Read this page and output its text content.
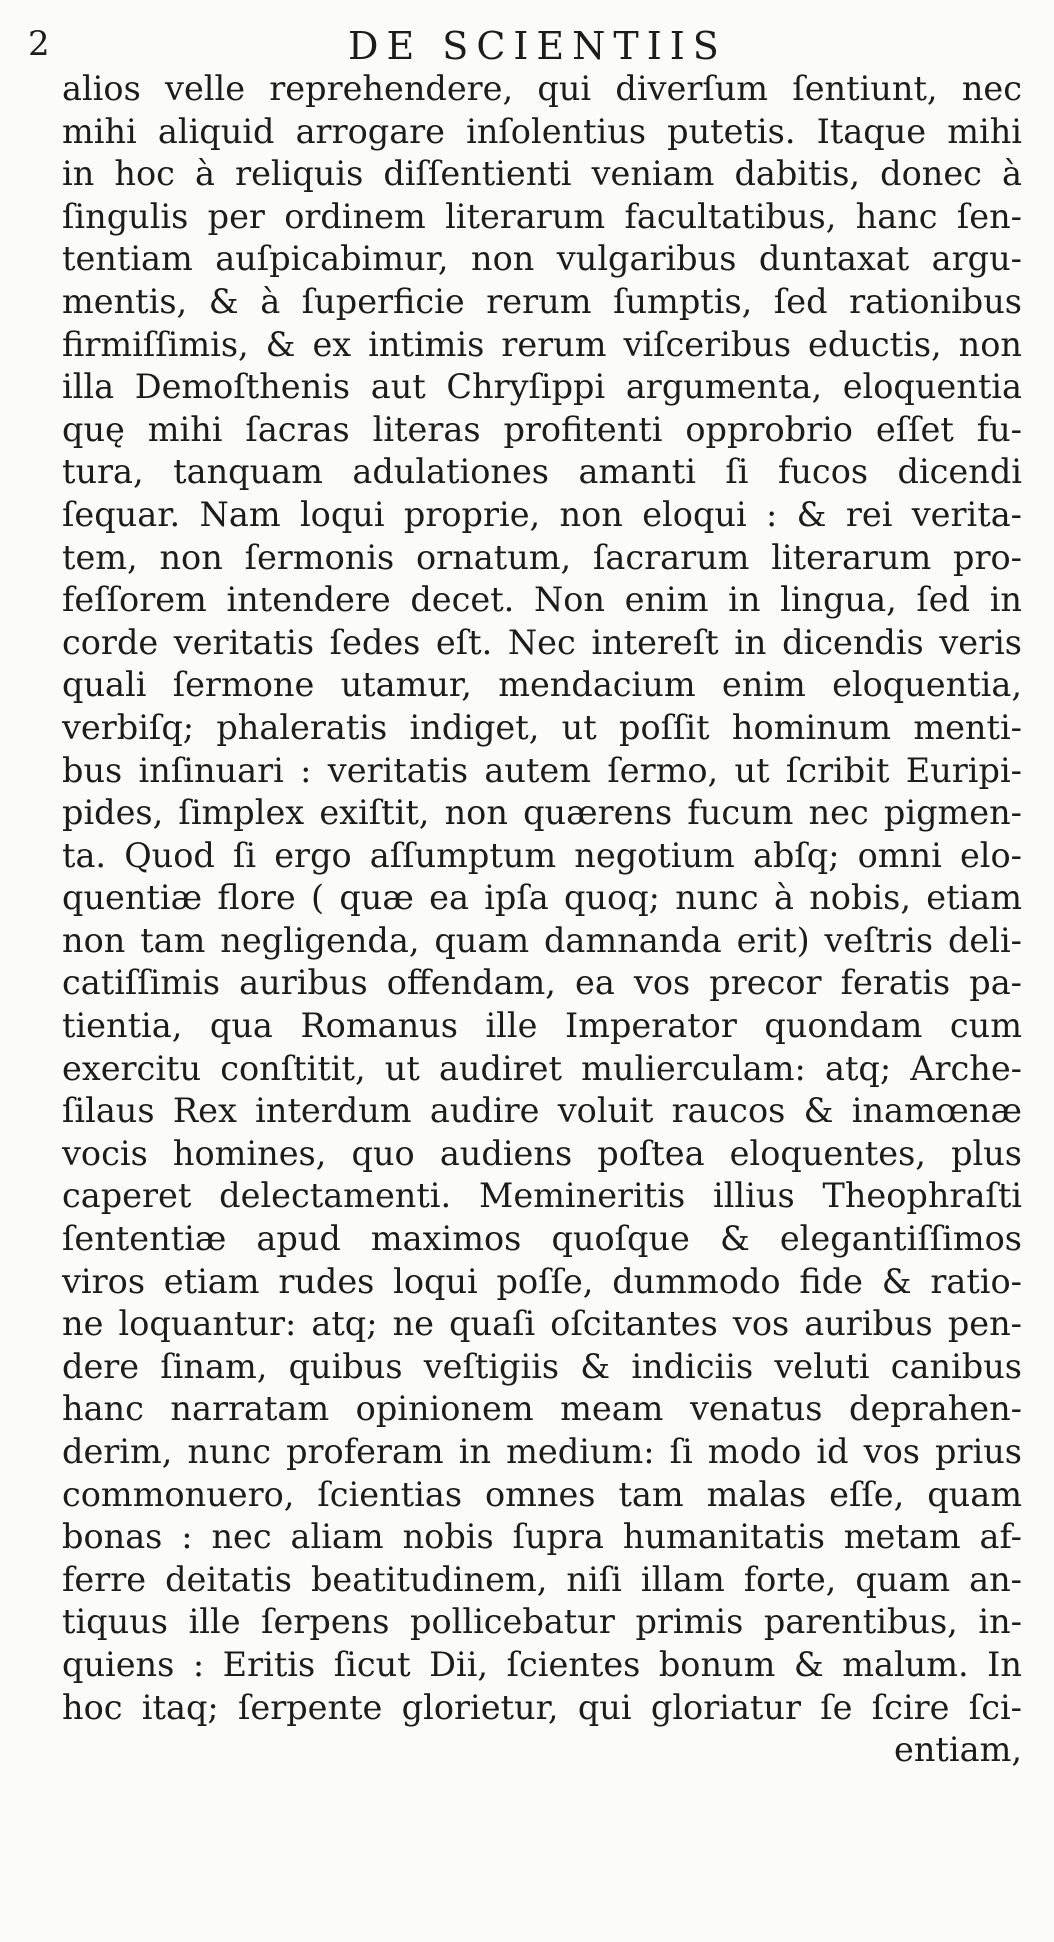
2	DE SCIENTIIS
alios velle reprehendere, qui diverſum ſentiunt, nec
mihi aliquid arrogare inſolentius putetis. Itaque mihi
in hoc à reliquis diſſentienti veniam dabitis, donec à
ſingulis per ordinem literarum facultatibus, hanc ſen-
tentiam auſpicabimur, non vulgaribus duntaxat argu-
mentis, & à ſuperficie rerum ſumptis, ſed rationibus
firmiſſimis, & ex intimis rerum viſceribus eductis, non
illa Demoſthenis aut Chryſippi argumenta, eloquentia
quę mihi ſacras literas profitenti opprobrio eſſet fu-
tura, tanquam adulationes amanti ſi fucos dicendi
ſequar. Nam loqui proprie, non eloqui : & rei verita-
tem, non ſermonis ornatum, ſacrarum literarum pro-
feſſorem intendere decet. Non enim in lingua, ſed in
corde veritatis ſedes eſt. Nec intereſt in dicendis veris
quali ſermone utamur, mendacium enim eloquentia,
verbiſq; phaleratis indiget, ut poſſit hominum menti-
bus inſinuari : veritatis autem ſermo, ut ſcribit Euripi-
pides, ſimplex exiſtit, non quærens fucum nec pigmen-
ta. Quod ſi ergo aſſumptum negotium abſq; omni elo-
quentiæ flore ( quæ ea ipſa quoq; nunc à nobis, etiam
non tam negligenda, quam damnanda erit) veſtris deli-
catiſſimis auribus offendam, ea vos precor feratis pa-
tientia, qua Romanus ille Imperator quondam cum
exercitu conſtitit, ut audiret mulierculam: atq; Arche-
ſilaus Rex interdum audire voluit raucos & inamœnæ
vocis homines, quo audiens poſtea eloquentes, plus
caperet delectamenti. Memineritis illius Theophraſti
ſententiæ apud maximos quoſque & elegantiſſimos
viros etiam rudes loqui poſſe, dummodo fide & ratio-
ne loquantur: atq; ne quaſi oſcitantes vos auribus pen-
dere ſinam, quibus veſtigiis & indiciis veluti canibus
hanc narratam opinionem meam venatus deprahen-
derim, nunc proferam in medium: ſi modo id vos prius
commonuero, ſcientias omnes tam malas eſſe, quam
bonas : nec aliam nobis ſupra humanitatis metam af-
ferre deitatis beatitudinem, niſi illam forte, quam an-
tiquus ille ſerpens pollicebatur primis parentibus, in-
quiens : Eritis ſicut Dii, ſcientes bonum & malum. In
hoc itaq; ſerpente glorietur, qui gloriatur ſe ſcire ſci-
entiam,
